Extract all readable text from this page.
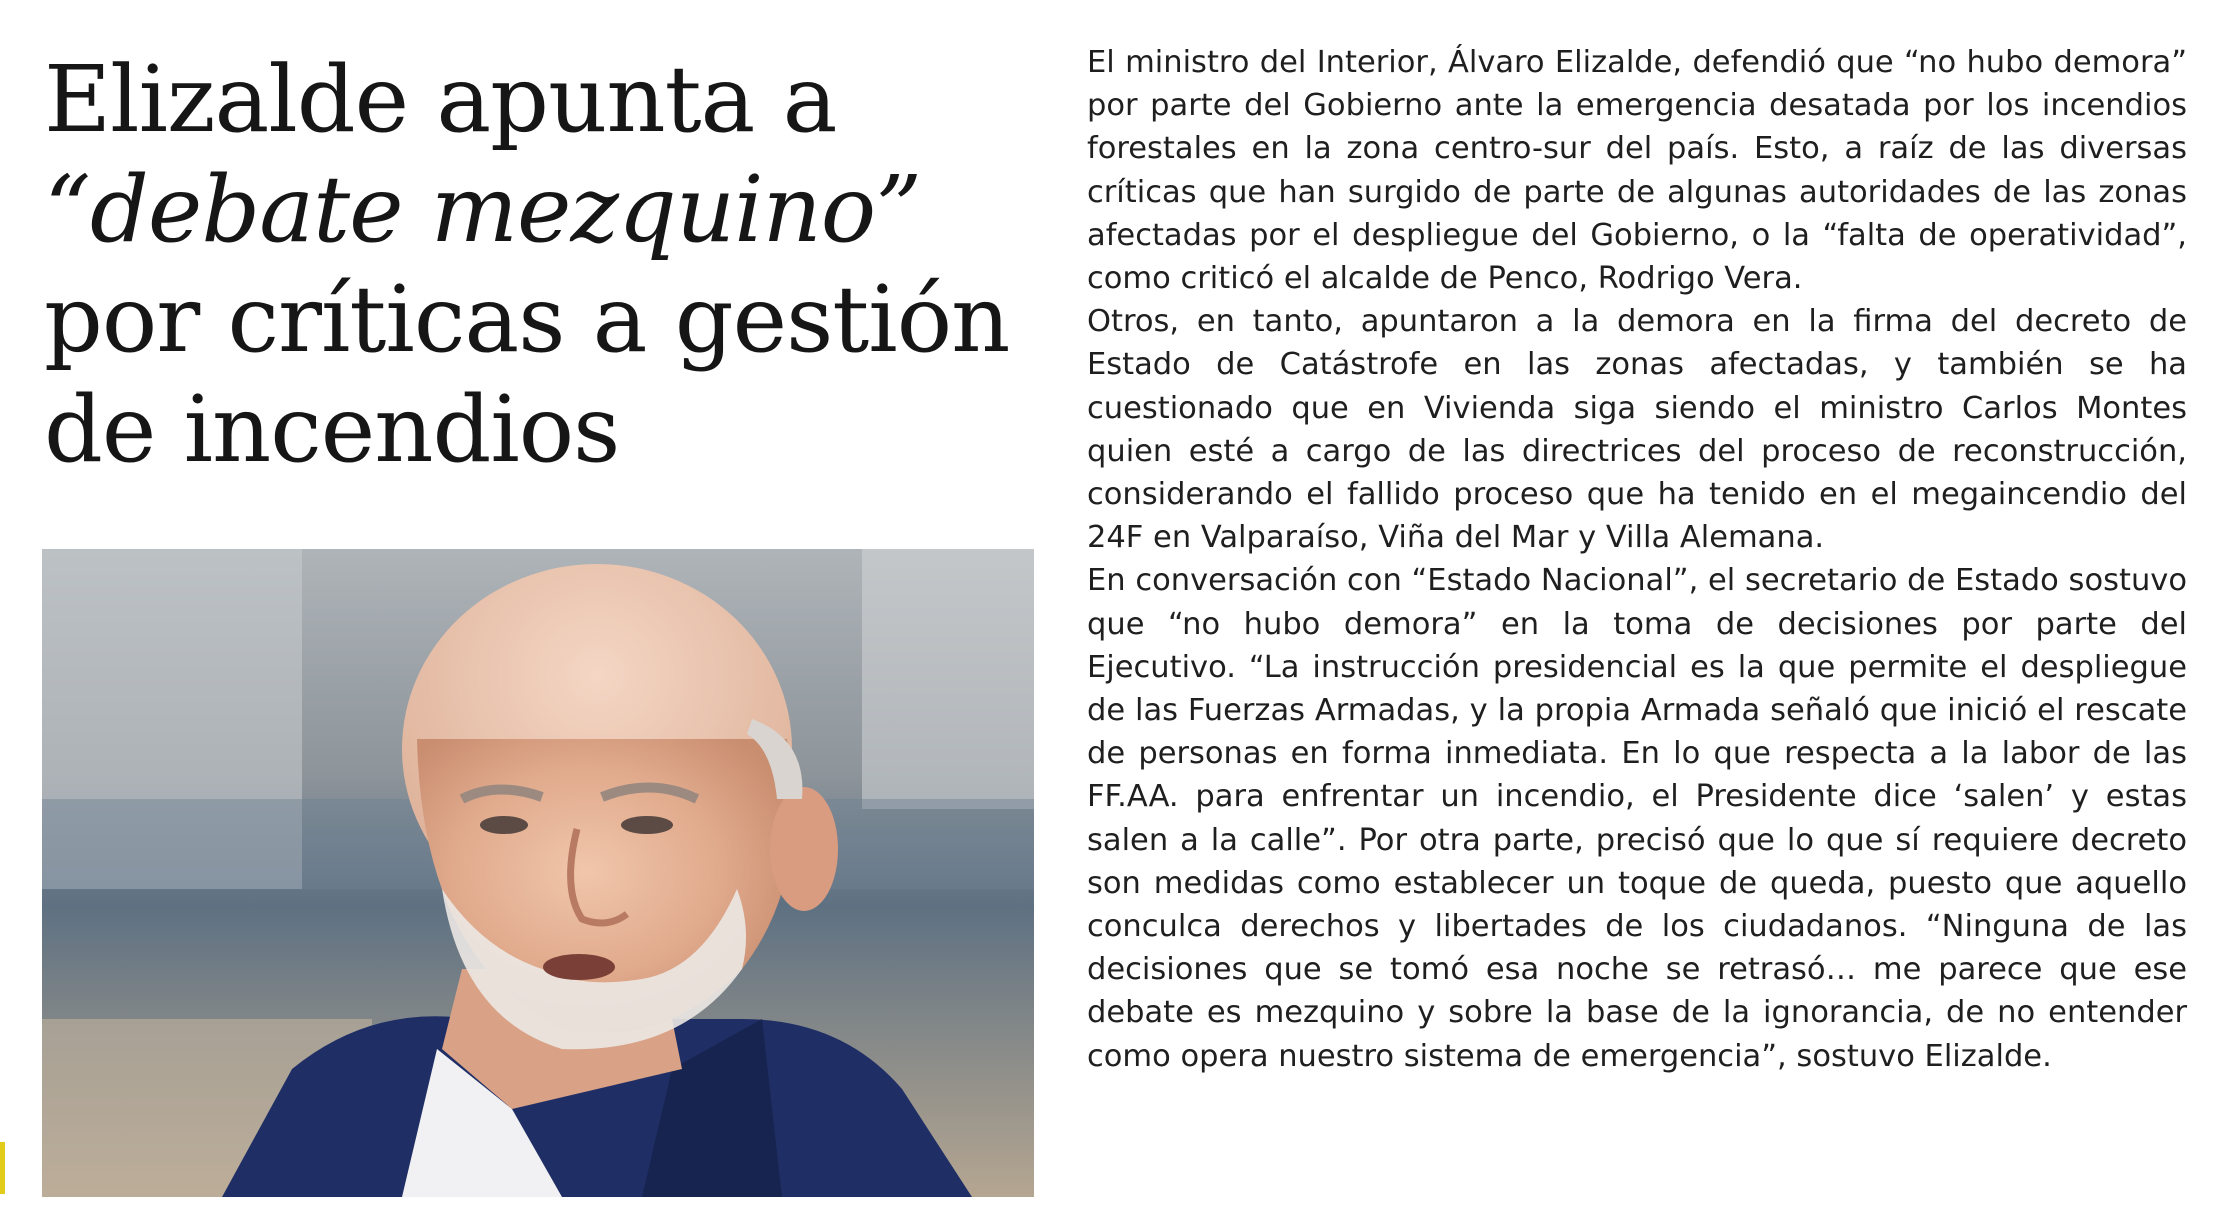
Elizalde apunta a
“debate mezquino”
por críticas a gestión
de incendios

El ministro del Interior, Álvaro Elizalde, defendió que “no hubo demora” por parte del Gobierno ante la emergencia desatada por los incendios forestales en la zona centro-sur del país. Esto, a raíz de las diversas críticas que han surgido de parte de algunas autoridades de las zonas afectadas por el despliegue del Gobierno, o la “falta de operatividad”, como criticó el alcalde de Penco, Rodrigo Vera.

Otros, en tanto, apuntaron a la demora en la firma del decreto de Estado de Catástrofe en las zonas afectadas, y también se ha cuestionado que en Vivienda siga siendo el ministro Carlos Montes quien esté a cargo de las directrices del proceso de reconstrucción, considerando el fallido proceso que ha tenido en el megaincendio del 24F en Valparaíso, Viña del Mar y Villa Alemana.

En conversación con “Estado Nacional”, el secretario de Estado sostuvo que “no hubo demora” en la toma de decisiones por parte del Ejecutivo. “La instrucción presidencial es la que permite el despliegue de las Fuerzas Armadas, y la propia Armada señaló que inició el rescate de personas en forma inmediata. En lo que respecta a la labor de las FF.AA. para enfrentar un incendio, el Presidente dice ‘salen’ y estas salen a la calle”. Por otra parte, precisó que lo que sí requiere decreto son medidas como establecer un toque de queda, puesto que aquello conculca derechos y libertades de los ciudadanos. “Ninguna de las decisiones que se tomó esa noche se retrasó… me parece que ese debate es mezquino y sobre la base de la ignorancia, de no entender como opera nuestro sistema de emergencia”, sostuvo Elizalde.
